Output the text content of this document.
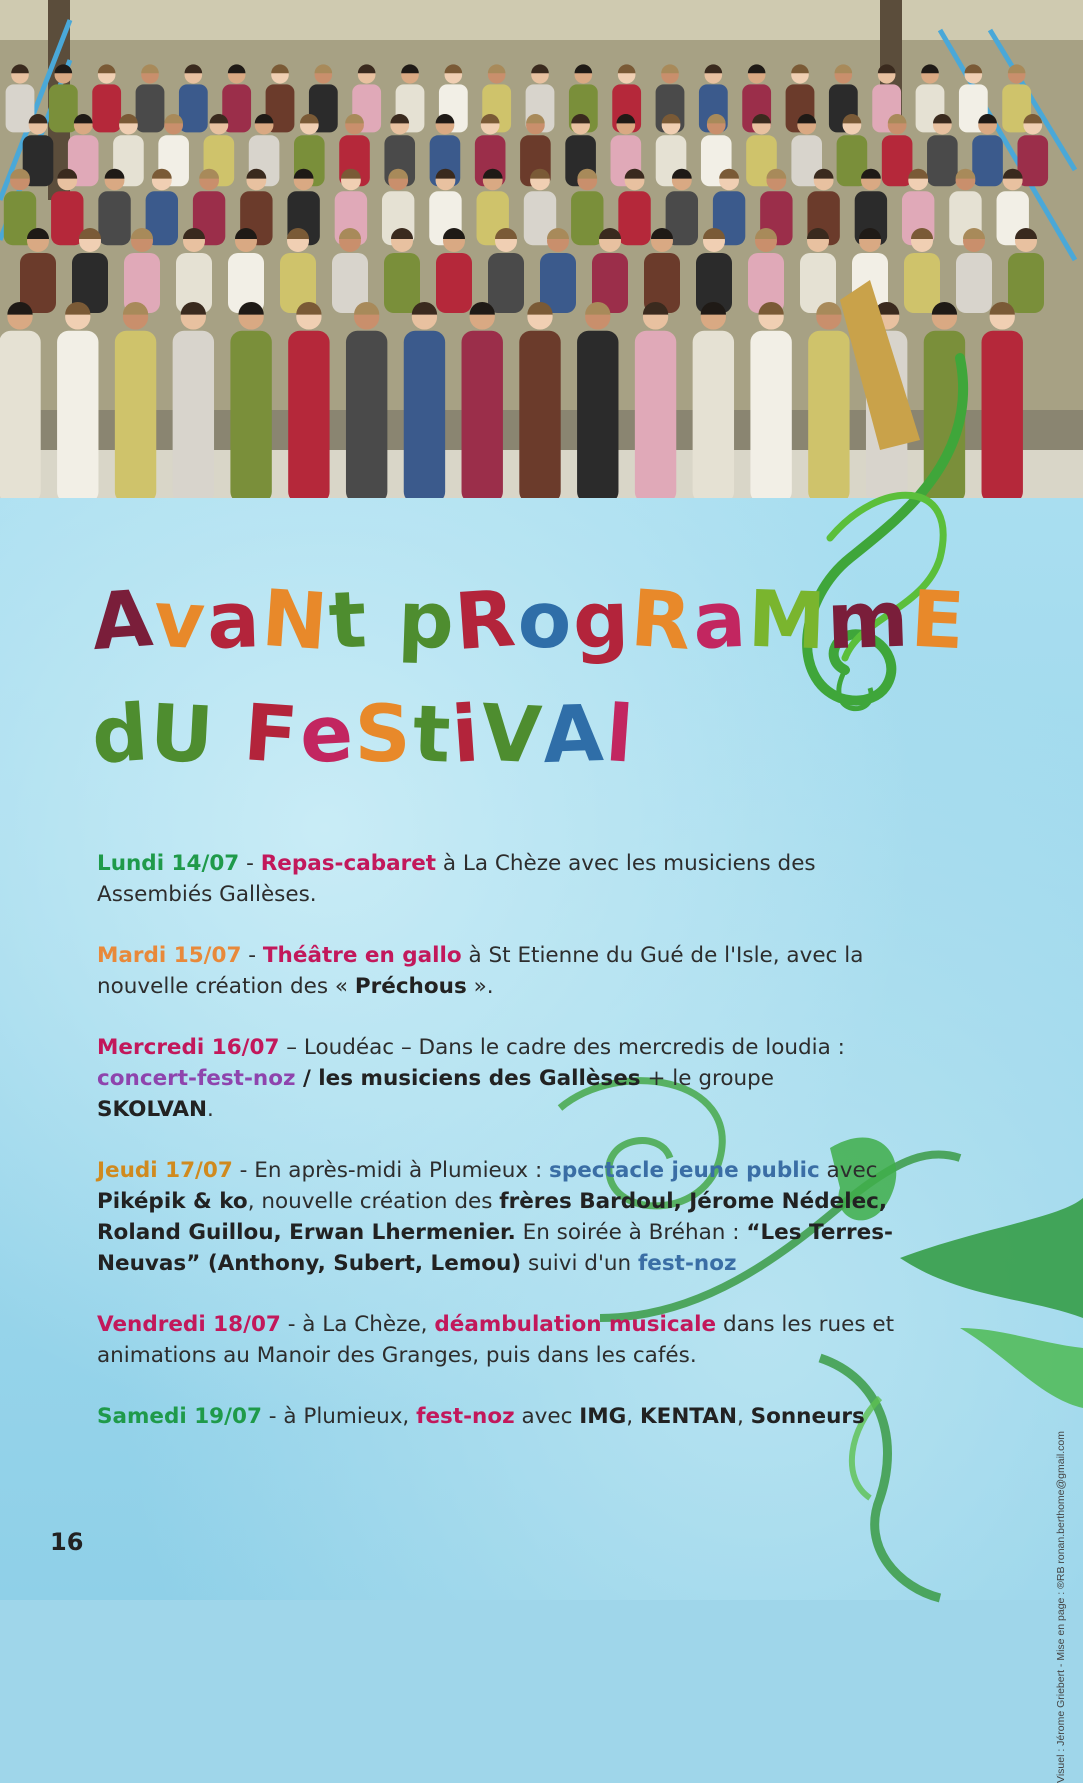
AvaNt pRogRaMmE
dU FeStiVAl
Lundi 14/07 - Repas-cabaret à La Chèze avec les musiciens des Assembiés Gallèses.
Mardi 15/07 - Théâtre en gallo à St Etienne du Gué de l'Isle, avec la nouvelle création des « Préchous ».
Mercredi 16/07 – Loudéac – Dans le cadre des mercredis de loudia : concert-fest-noz / les musiciens des Gallèses + le groupe SKOLVAN.
Jeudi 17/07 - En après-midi à Plumieux : spectacle jeune public avec Piképik & ko, nouvelle création des frères Bardoul, Jérome Nédelec, Roland Guillou, Erwan Lhermenier. En soirée à Bréhan : “Les Terres-Neuvas” (Anthony, Subert, Lemou) suivi d'un fest-noz
Vendredi 18/07 - à La Chèze, déambulation musicale dans les rues et animations au Manoir des Granges, puis dans les cafés.
Samedi 19/07 - à Plumieux, fest-noz avec IMG, KENTAN, Sonneurs
16	Visuel : Jérome Griebert - Mise en page : ®RB ronan.berthome@gmail.com
